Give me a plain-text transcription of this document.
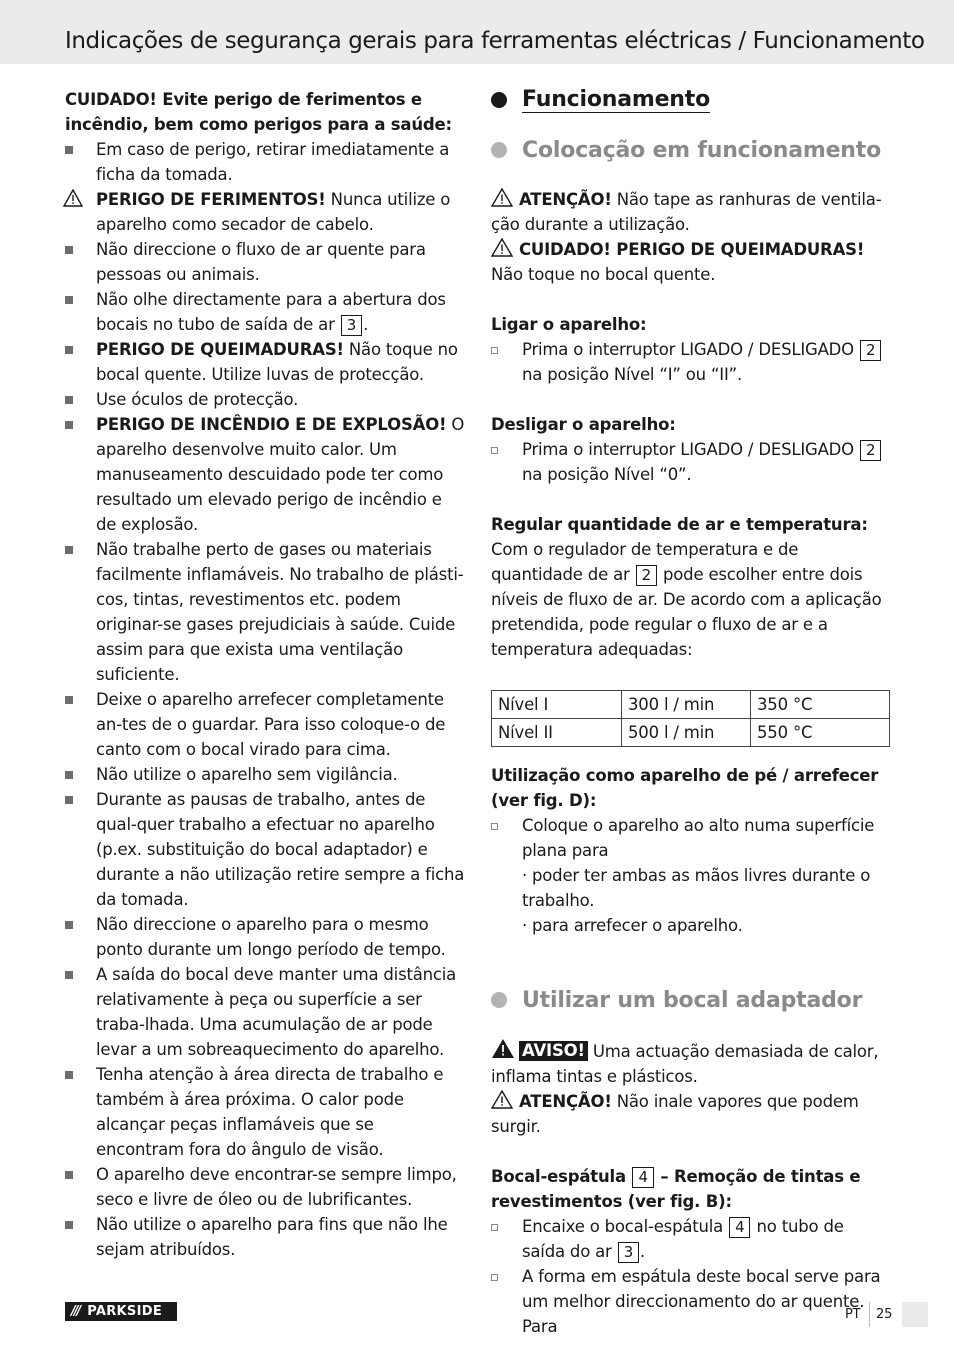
Indicações de segurança gerais para ferramentas eléctricas / Funcionamento

CUIDADO! Evite perigo de ferimentos e incêndio, bem como perigos para a saúde:

Em caso de perigo, retirar imediatamente a ficha da tomada.
PERIGO DE FERIMENTOS! Nunca utilize o aparelho como secador de cabelo.
Não direccione o fluxo de ar quente para pessoas ou animais.
Não olhe directamente para a abertura dos bocais no tubo de saída de ar 3 .
PERIGO DE QUEIMADURAS! Não toque no bocal quente. Utilize luvas de protecção.
Use óculos de protecção.
PERIGO DE INCÊNDIO E DE EXPLOSÃO! O aparelho desenvolve muito calor. Um manuseamento descuidado pode ter como resultado um elevado perigo de incêndio e de explosão.
Não trabalhe perto de gases ou materiais facilmente inflamáveis. No trabalho de plásti-cos, tintas, revestimentos etc. podem originar-se gases prejudiciais à saúde. Cuide assim para que exista uma ventilação suficiente.
Deixe o aparelho arrefecer completamente an-tes de o guardar. Para isso coloque-o de canto com o bocal virado para cima.
Não utilize o aparelho sem vigilância.
Durante as pausas de trabalho, antes de qual-quer trabalho a efectuar no aparelho (p.ex. substituição do bocal adaptador) e durante a não utilização retire sempre a ficha da tomada.
Não direccione o aparelho para o mesmo ponto durante um longo período de tempo.
A saída do bocal deve manter uma distância relativamente à peça ou superfície a ser traba-lhada. Uma acumulação de ar pode levar a um sobreaquecimento do aparelho.
Tenha atenção à área directa de trabalho e também à área próxima. O calor pode alcançar peças inflamáveis que se encontram fora do ângulo de visão.
O aparelho deve encontrar-se sempre limpo, seco e livre de óleo ou de lubrificantes.
Não utilize o aparelho para fins que não lhe sejam atribuídos.
Funcionamento
Colocação em funcionamento

ATENÇÃO! Não tape as ranhuras de ventila-ção durante a utilização.

CUIDADO! PERIGO DE QUEIMADURAS!

Não toque no bocal quente.

Ligar o aparelho:

Prima o interruptor LIGADO / DESLIGADO 2 na posição Nível “I” ou “II”.

Desligar o aparelho:

Prima o interruptor LIGADO / DESLIGADO 2 na posição Nível “0”.

Regular quantidade de ar e temperatura:

Com o regulador de temperatura e de quantidade de ar 2 pode escolher entre dois níveis de fluxo de ar. De acordo com a aplicação pretendida, pode regular o fluxo de ar e a temperatura adequadas:

Nível I	300 l / min	350 °C
Nível II	500 l / min	550 °C

Utilização como aparelho de pé / arrefecer (ver fig. D):

Coloque o aparelho ao alto numa superfície plana para
· poder ter ambas as mãos livres durante o trabalho.
· para arrefecer o aparelho.
Utilizar um bocal adaptador

AVISO! Uma actuação demasiada de calor, inflama tintas e plásticos.

ATENÇÃO! Não inale vapores que podem surgir.

Bocal-espátula 4 – Remoção de tintas e revestimentos (ver fig. B):

Encaixe o bocal-espátula 4 no tubo de saída do ar 3 .
A forma em espátula deste bocal serve para um melhor direccionamento do ar quente. Para
/// PARKSIDE	PT 25
